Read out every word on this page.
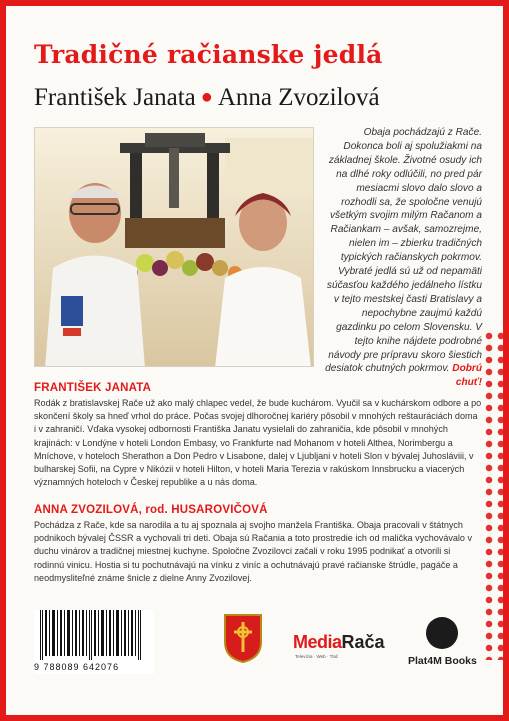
Tradičné račianske jedlá
František Janata ● Anna Zvozilová
Obaja pochádzajú z Rače. Dokonca boli aj spolužiakmi na základnej škole. Životné osudy ich na dlhé roky odlúčili, no pred pár mesiacmi slovo dalo slovo a rozhodli sa, že spoločne venujú všetkým svojim milým Račanom a Račiankam – avšak, samozrejme, nielen im – zbierku tradičných typických račianskych pokrmov. Vybraté jedlá sú už od nepamäti súčasťou každého jedálneho lístku v tejto mestskej časti Bratislavy a nepochybne zaujmú každú gazdinku po celom Slovensku. V tejto knihe nájdete podrobné návody pre prípravu skoro šiestich desiatok chutných pokrmov. Dobrú chuť!
FRANTIŠEK JANATA
Rodák z bratislavskej Rače už ako malý chlapec vedel, že bude kuchárom. Vyučil sa v kuchárskom odbore a po skončení školy sa hneď vrhol do práce. Počas svojej dlhoročnej kariéry pôsobil v mnohých reštauráciách doma i v zahraničí. Vďaka vysokej odbornosti Františka Janatu vysielali do zahraničia, kde pôsobil v mnohých krajinách: v Londýne v hoteli London Embasy, vo Frankfurte nad Mohanom v hoteli Althea, Norimbergu a Mníchove, v hoteloch Sherathon a Don Pedro v Lisabone, dalej v Ljubljani v hoteli Slon v bývalej Juhosláviii, v bulharskej Sofii, na Cypre v Nikózii v hoteli Hilton, v hoteli Maria Terezia v rakúskom Innsbrucku a viacerých významných hoteloch v Českej republike a u nás doma.
ANNA ZVOZILOVÁ, rod. HUSAROVIČOVÁ
Pochádza z Rače, kde sa narodila a tu aj spoznala aj svojho manžela Františka. Obaja pracovali v štátnych podnikoch bývalej ČSSR a vychovali tri deti. Obaja sú Račania a toto prostredie ich od malička vychovávalo v duchu vinárov a tradičnej miestnej kuchyne. Spoločne Zvozilovci začali v roku 1995 podnikať a otvorili si rodinnú vinicu. Hostia si tu pochutnávajú na vínku z viníc a ochutnávajú pravé račianske štrúdle, pagáče a neodmysliteľné známe šnicle z dielne Anny Zvozilovej.
9 788089 642076
MediaRača
Televízia · Web · Tlač	Plat4M Books
